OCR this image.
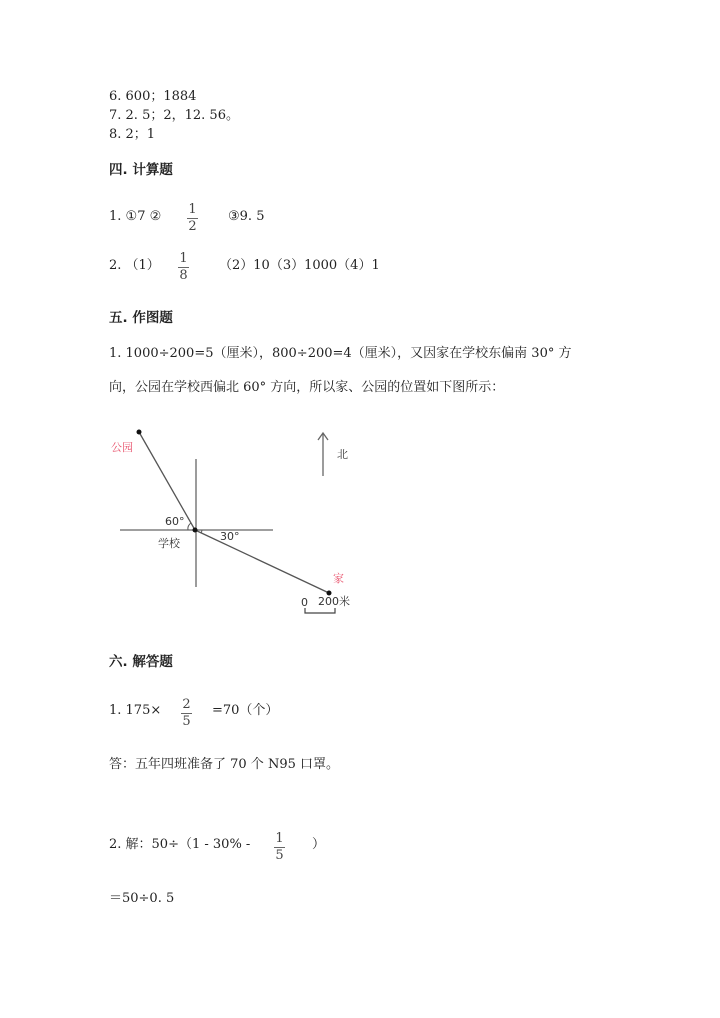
6. 600；1884
7. 2. 5；2，12. 56。
8. 2；1
四. 计算题
1. ①7 ② 1
2
③9. 5
2. （1） 1
8
（2）10（3）1000（4）1
五. 作图题
1. 1000÷200=5（厘米），800÷200=4（厘米），又因家在学校东偏南 30° 方
向，公园在学校西偏北 60° 方向，所以家、公园的位置如下图所示：
公园
60°
学校
30°
家
北
0 200米
六. 解答题
1. 175× 2
5
=70（个）
答：五年四班准备了 70 个 N95 口罩。
2. 解：50÷（1 - 30% - 1
5
）
＝50÷0. 5
